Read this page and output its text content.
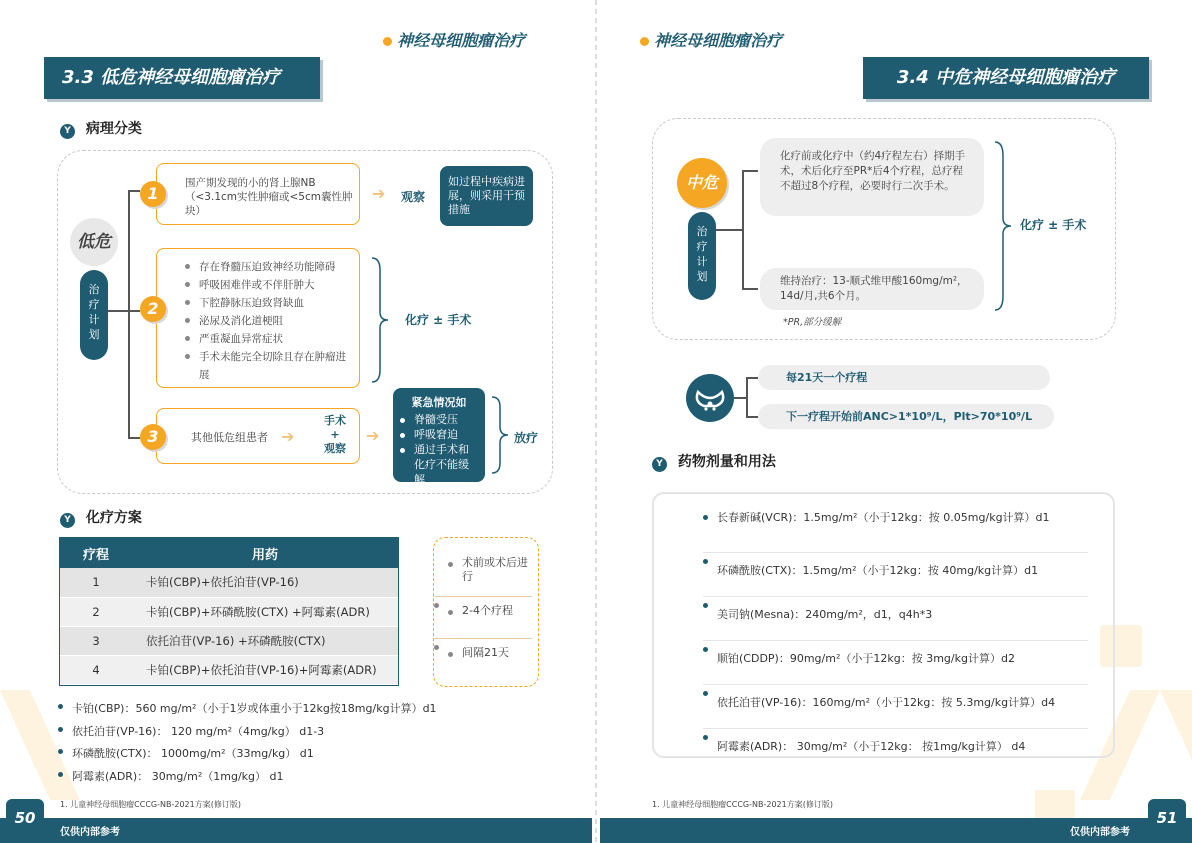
神经母细胞瘤治疗
3.3 低危神经母细胞瘤治疗
Y 病理分类
低危
治
疗
计
划
围产期发现的小的肾上腺NB（<3.1cm实性肿瘤或<5cm囊性肿块）
1	➔ 观察
如过程中疾病进展，则采用干预措施
存在脊髓压迫致神经功能障碍
呼吸困难伴或不伴肝肿大
下腔静脉压迫致肾缺血
泌尿及消化道梗阻
严重凝血异常症状
手术未能完全切除且存在肿瘤进展
2
化疗 ± 手术
其他低危组患者 ➔
手术
+
观察
3	➔
紧急情况如
脊髓受压
呼吸窘迫
通过手术和化疗不能缓解
放疗
Y 化疗方案
疗程	用药
1	卡铂(CBP)+依托泊苷(VP-16)
2	卡铂(CBP)+环磷酰胺(CTX) +阿霉素(ADR)
3	依托泊苷(VP-16) +环磷酰胺(CTX)
4	卡铂(CBP)+依托泊苷(VP-16)+阿霉素(ADR)
术前或术后进行
2-4个疗程
间隔21天
卡铂(CBP)：560 mg/m²（小于1岁或体重小于12kg按18mg/kg计算）d1
依托泊苷(VP-16)： 120 mg/m²（4mg/kg） d1-3
环磷酰胺(CTX)： 1000mg/m²（33mg/kg） d1
阿霉素(ADR)： 30mg/m²（1mg/kg） d1
1. 儿童神经母细胞瘤CCCG-NB-2021方案(修订版)
神经母细胞瘤治疗
3.4 中危神经母细胞瘤治疗
中危
治
疗
计
划
化疗前或化疗中（约4疗程左右）择期手术，术后化疗至PR*后4个疗程，总疗程不超过8个疗程，必要时行二次手术。
维持治疗：13-顺式维甲酸160mg/m²，14d/月,共6个月。
化疗 ± 手术
*PR,部分缓解
每21天一个疗程
下一疗程开始前ANC>1*10⁹/L，Plt>70*10⁹/L
Y 药物剂量和用法
长春新碱(VCR)：1.5mg/m²（小于12kg：按 0.05mg/kg计算）d1
环磷酰胺(CTX)：1.5mg/m²（小于12kg：按 40mg/kg计算）d1
美司钠(Mesna)：240mg/m²，d1，q4h*3
顺铂(CDDP)：90mg/m²（小于12kg：按 3mg/kg计算）d2
依托泊苷(VP-16)：160mg/m²（小于12kg：按 5.3mg/kg计算）d4
阿霉素(ADR)： 30mg/m²（小于12kg： 按1mg/kg计算） d4
1. 儿童神经母细胞瘤CCCG-NB-2021方案(修订版)
仅供内部参考	仅供内部参考
50	51
